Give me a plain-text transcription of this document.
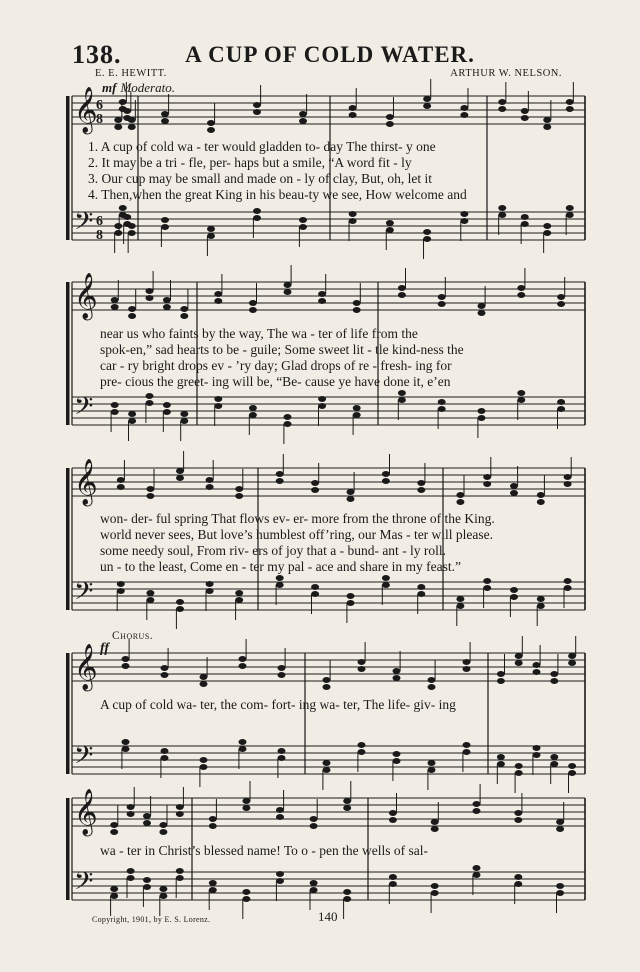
138.	A CUP OF COLD WATER.
E. E. HEWITT.	ARTHUR W. NELSON.
mf Moderato.
𝄞
𝄢
6
8
6
8
𝄞
𝄢
𝄞
𝄢
𝄞
𝄢
𝄞
𝄢
1. A cup of cold wa - ter would gladden to- day The thirst- y one
2. It may be a tri - fle, per- haps but a smile, “A word fit - ly
3. Our cup may be small and made on - ly of clay, But, oh, let it
4. Then,when the great King in his beau-ty we see, How welcome and
near us who faints by the way, The wa - ter of life from the
spok-en,” sad hearts to be - guile; Some sweet lit - tle kind-ness the
car - ry bright drops ev - ’ry day; Glad drops of re - fresh- ing for
pre- cious the greet- ing will be, “Be- cause ye have done it, e’en
won- der- ful spring That flows ev- er- more from the throne of the King.
world never sees, But love’s humblest off’ring, our Mas - ter will please.
some needy soul, From riv- ers of joy that a - bund- ant - ly roll.
un - to the least, Come en - ter my pal - ace and share in my feast.”
Chorus.
ff
A cup of cold wa- ter, the com- fort- ing wa- ter, The life- giv- ing
wa - ter in Christ’s blessed name! To o - pen the wells of sal-
Copyright, 1901, by E. S. Lorenz.	140
